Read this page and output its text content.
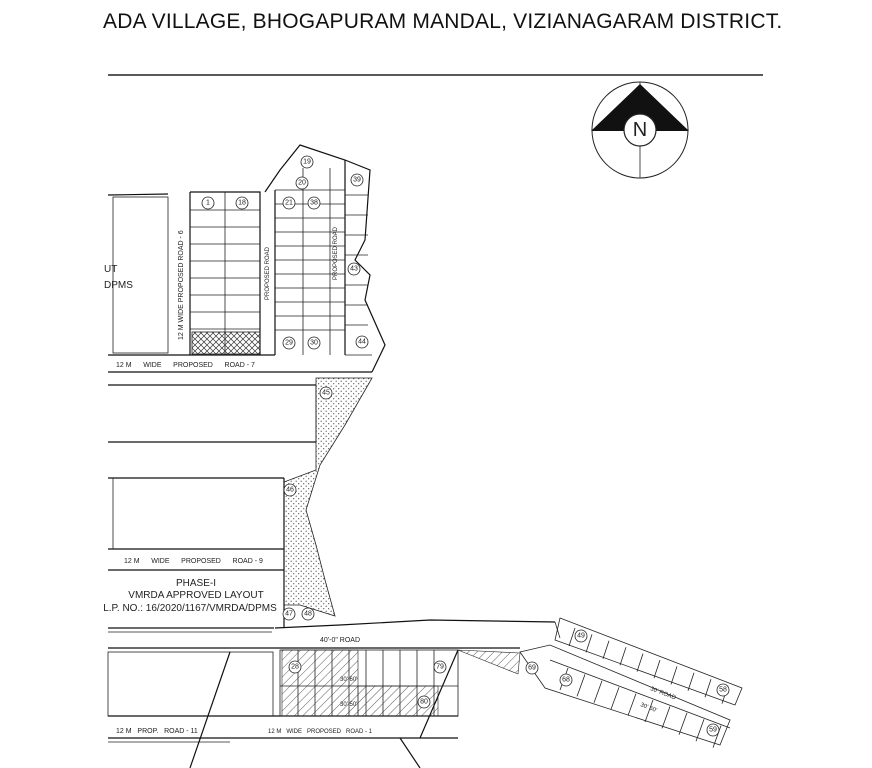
ADA VILLAGE, BHOGAPURAM MANDAL, VIZIANAGARAM DISTRICT.
N
UT
DPMS	12 M WIDE PROPOSED ROAD - 6	PROPOSED ROAD	PROPOSED ROAD
12 M      WIDE      PROPOSED      ROAD - 7
12 M      WIDE      PROPOSED      ROAD - 9
PHASE-I
VMRDA APPROVED LAYOUT
L.P. NO.: 16/2020/1167/VMRDA/DPMS
40'-0" ROAD
30' 60'
30' 50'
12 M   PROP.   ROAD - 11	12 M   WIDE   PROPOSED   ROAD - 1
30' ROAD
30' 60'
1	18
19
20
21 38
39
43
44
29 30
45
46
47 48
28	79
49
58
68
59
69
80
